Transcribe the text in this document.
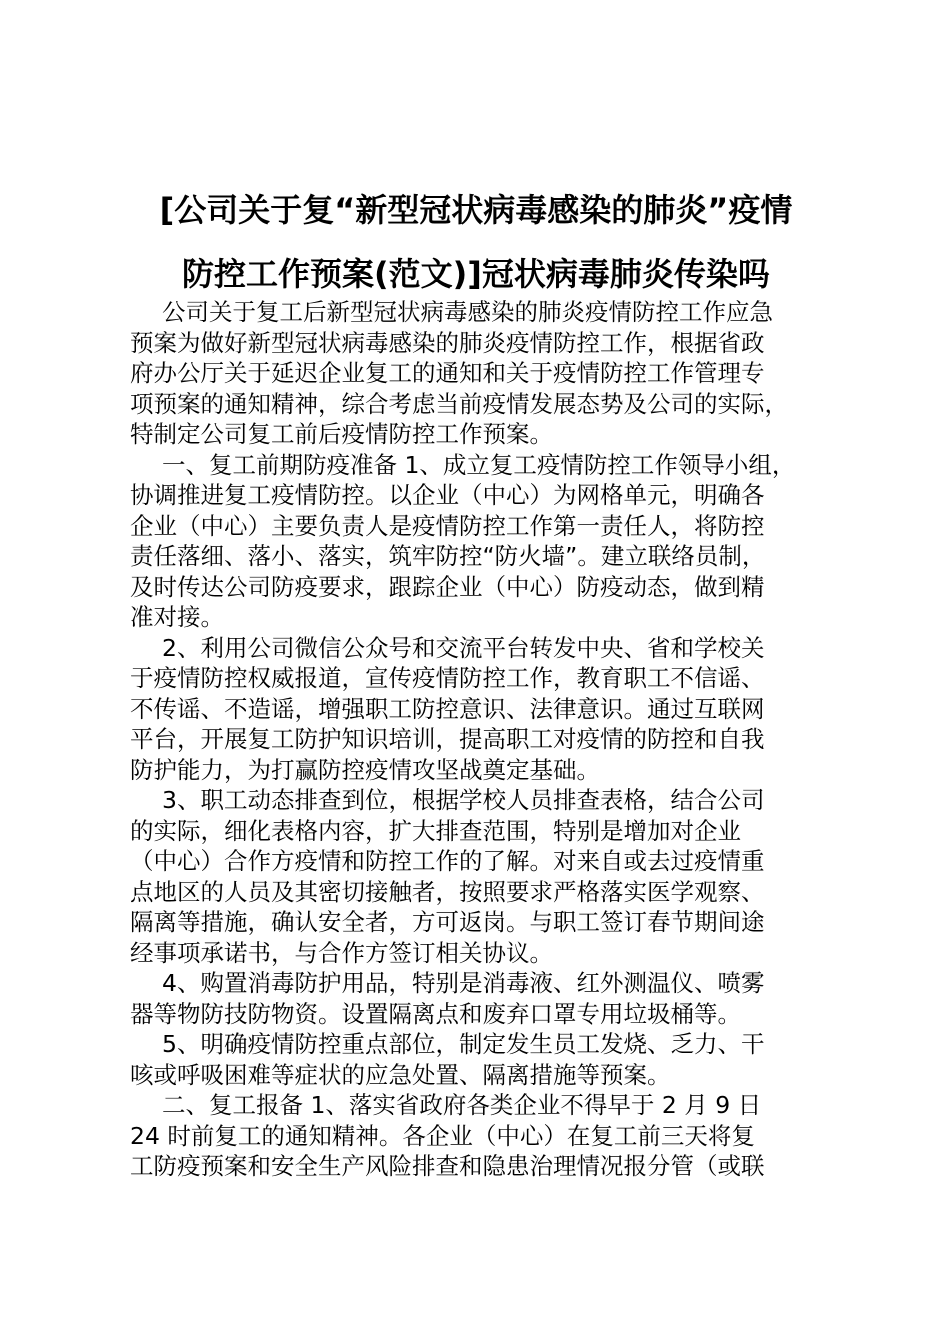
[公司关于复“新型冠状病毒感染的肺炎”疫情
防控工作预案(范文)]冠状病毒肺炎传染吗
公司关于复工后新型冠状病毒感染的肺炎疫情防控工作应急
预案为做好新型冠状病毒感染的肺炎疫情防控工作，根据省政
府办公厅关于延迟企业复工的通知和关于疫情防控工作管理专
项预案的通知精神，综合考虑当前疫情发展态势及公司的实际，
特制定公司复工前后疫情防控工作预案。
一、复工前期防疫准备 1、成立复工疫情防控工作领导小组，
协调推进复工疫情防控。以企业（中心）为网格单元，明确各
企业（中心）主要负责人是疫情防控工作第一责任人，将防控
责任落细、落小、落实，筑牢防控“防火墙”。建立联络员制，
及时传达公司防疫要求，跟踪企业（中心）防疫动态，做到精
准对接。
2、利用公司微信公众号和交流平台转发中央、省和学校关
于疫情防控权威报道，宣传疫情防控工作，教育职工不信谣、
不传谣、不造谣，增强职工防控意识、法律意识。通过互联网
平台，开展复工防护知识培训，提高职工对疫情的防控和自我
防护能力，为打赢防控疫情攻坚战奠定基础。
3、职工动态排查到位，根据学校人员排查表格，结合公司
的实际，细化表格内容，扩大排查范围，特别是增加对企业
（中心）合作方疫情和防控工作的了解。对来自或去过疫情重
点地区的人员及其密切接触者，按照要求严格落实医学观察、
隔离等措施，确认安全者，方可返岗。与职工签订春节期间途
经事项承诺书，与合作方签订相关协议。
4、购置消毒防护用品，特别是消毒液、红外测温仪、喷雾
器等物防技防物资。设置隔离点和废弃口罩专用垃圾桶等。
5、明确疫情防控重点部位，制定发生员工发烧、乏力、干
咳或呼吸困难等症状的应急处置、隔离措施等预案。
二、复工报备 1、落实省政府各类企业不得早于 2 月 9 日
24 时前复工的通知精神。各企业（中心）在复工前三天将复
工防疫预案和安全生产风险排查和隐患治理情况报分管（或联
